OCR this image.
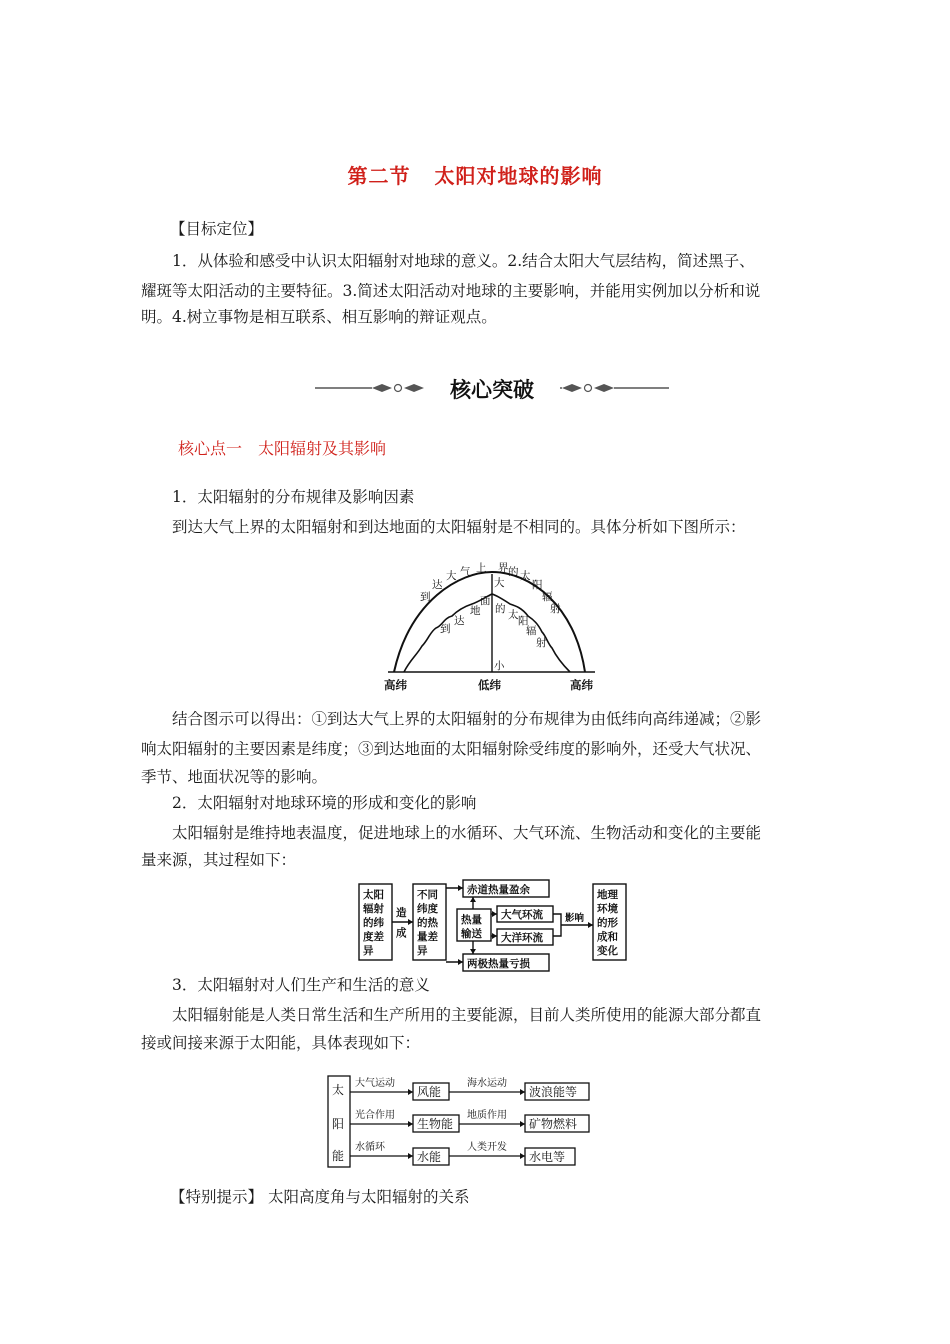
第二节 太阳对地球的影响
【目标定位】
1．从体验和感受中认识太阳辐射对地球的意义。2.结合太阳大气层结构，简述黑子、
耀斑等太阳活动的主要特征。3.简述太阳活动对地球的主要影响，并能用实例加以分析和说
明。4.树立事物是相互联系、相互影响的辩证观点。
核心突破
核心点一　太阳辐射及其影响
1．太阳辐射的分布规律及影响因素
到达大气上界的太阳辐射和到达地面的太阳辐射是不相同的。具体分析如下图所示：
到
达
大 气 上 界 的 太
阳
辐
射
到
达
地
面
的 太 阳
辐
射
大
小
高纬	低纬	高纬
结合图示可以得出：①到达大气上界的太阳辐射的分布规律为由低纬向高纬递减；②影
响太阳辐射的主要因素是纬度；③到达地面的太阳辐射除受纬度的影响外，还受大气状况、
季节、地面状况等的影响。
2．太阳辐射对地球环境的形成和变化的影响
太阳辐射是维持地表温度，促进地球上的水循环、大气环流、生物活动和变化的主要能
量来源，其过程如下：
太阳
辐射
的纬
度差
异
造
成
不同
纬度
的热
量差
异
赤道热量盈余
两极热量亏损
热量
输送
大气环流
大洋环流
影响
地理
环境
的形
成和
变化
3．太阳辐射对人们生产和生活的意义
太阳辐射能是人类日常生活和生产所用的主要能源，目前人类所使用的能源大部分都直
接或间接来源于太阳能，具体表现如下：
太
阳
能
风能
生物能
水能
波浪能等
矿物燃料
水电等
大气运动
光合作用
水循环
海水运动
地质作用
人类开发
【特别提示】 太阳高度角与太阳辐射的关系
